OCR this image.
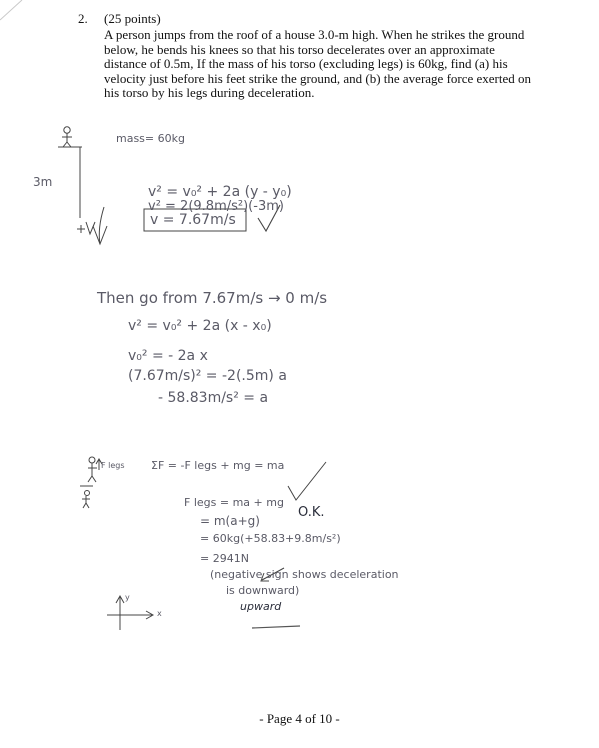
2. (25 points)
A person jumps from the roof of a house 3.0-m high. When he strikes the ground
below, he bends his knees so that his torso decelerates over an approximate
distance of 0.5m, If the mass of his torso (excluding legs) is 60kg, find (a) his
velocity just before his feet strike the ground, and (b) the average force exerted on
his torso by his legs during deceleration.
mass= 60kg
3m
v² = v₀² + 2a (y - y₀)
v² = 2(9.8m/s²)(-3m)
v = 7.67m/s
Then go from 7.67m/s → 0 m/s
v² = v₀² + 2a (x - x₀)
v₀² = - 2a x
(7.67m/s)² = -2(.5m) a
- 58.83m/s² = a
F legs ΣF = -F legs + mg = ma
F legs = ma + mg
= m(a+g)
O.K.
= 60kg(+58.83+9.8m/s²)
= 2941N
(negative sign shows deceleration
is downward)
upward
y
x
- Page 4 of 10 -
